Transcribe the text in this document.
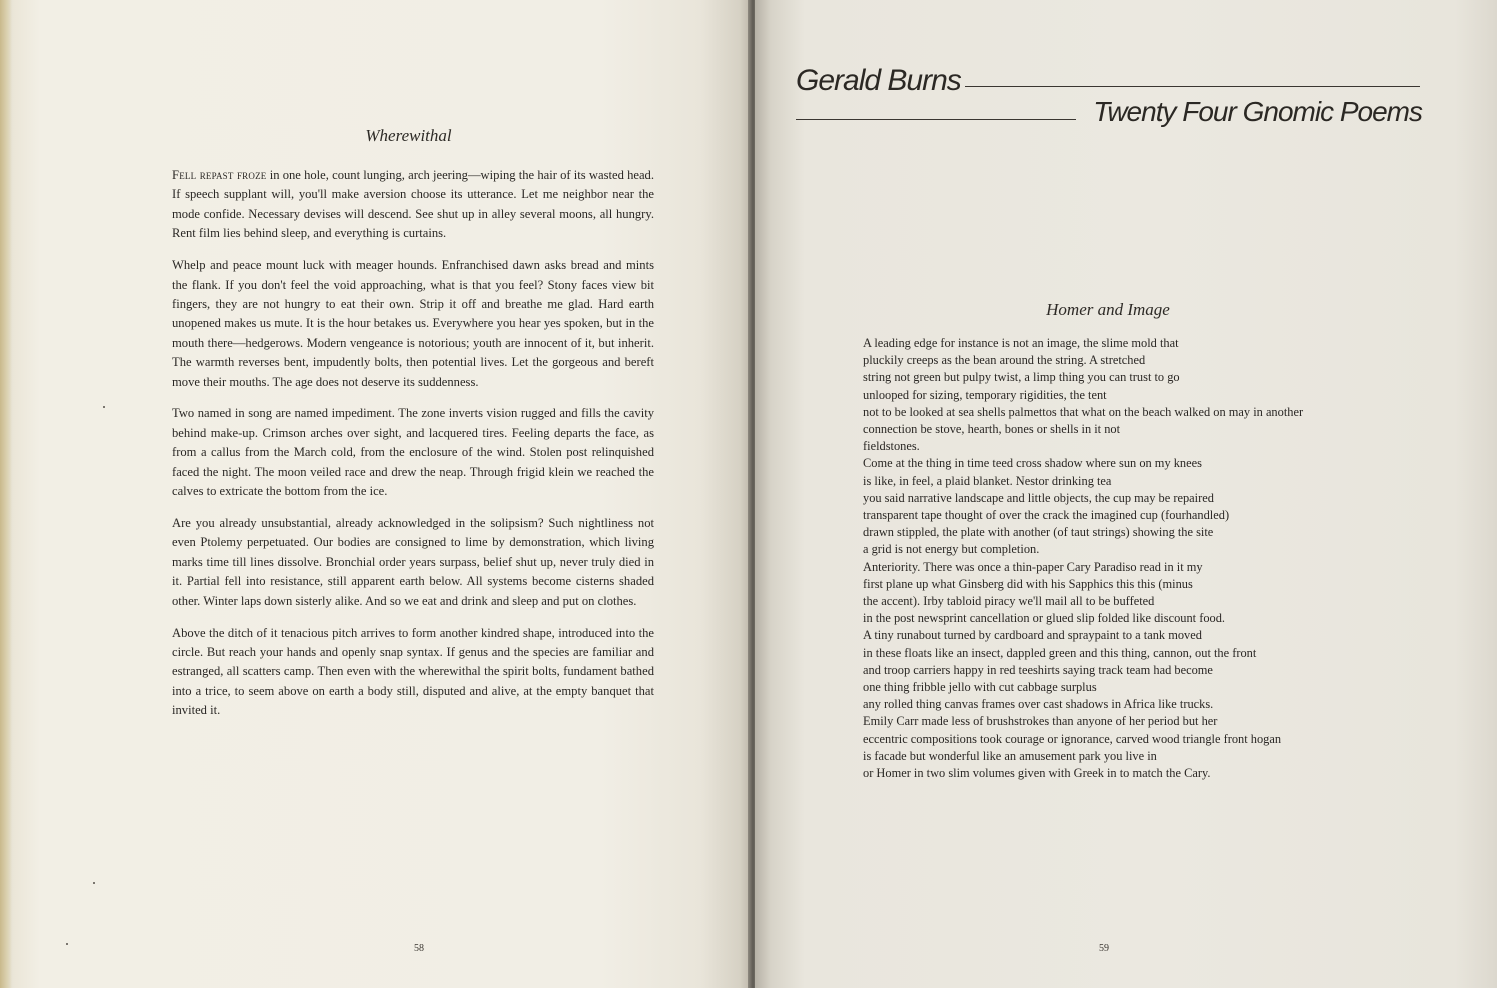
Wherewithal

Fell repast froze in one hole, count lunging, arch jeering—wiping the hair of its wasted head. If speech supplant will, you'll make aversion choose its utterance. Let me neighbor near the mode confide. Necessary devises will descend. See shut up in alley several moons, all hungry. Rent film lies behind sleep, and everything is curtains.

Whelp and peace mount luck with meager hounds. Enfranchised dawn asks bread and mints the flank. If you don't feel the void approaching, what is that you feel? Stony faces view bit fingers, they are not hungry to eat their own. Strip it off and breathe me glad. Hard earth unopened makes us mute. It is the hour betakes us. Everywhere you hear yes spoken, but in the mouth there—hedgerows. Modern vengeance is notorious; youth are innocent of it, but inherit. The warmth reverses bent, impudently bolts, then potential lives. Let the gorgeous and bereft move their mouths. The age does not deserve its suddenness.

Two named in song are named impediment. The zone inverts vision rugged and fills the cavity behind make-up. Crimson arches over sight, and lacquered tires. Feeling departs the face, as from a callus from the March cold, from the enclosure of the wind. Stolen post relinquished faced the night. The moon veiled race and drew the neap. Through frigid klein we reached the calves to extricate the bottom from the ice.

Are you already unsubstantial, already acknowledged in the solipsism? Such nightliness not even Ptolemy perpetuated. Our bodies are consigned to lime by demonstration, which living marks time till lines dissolve. Bronchial order years surpass, belief shut up, never truly died in it. Partial fell into resistance, still apparent earth below. All systems become cisterns shaded other. Winter laps down sisterly alike. And so we eat and drink and sleep and put on clothes.

Above the ditch of it tenacious pitch arrives to form another kindred shape, introduced into the circle. But reach your hands and openly snap syntax. If genus and the species are familiar and estranged, all scatters camp. Then even with the wherewithal the spirit bolts, fundament bathed into a trice, to seem above on earth a body still, disputed and alive, at the empty banquet that invited it.

58
Gerald Burns
Twenty Four Gnomic Poems
Homer and Image
A leading edge for instance is not an image, the slime mold that
pluckily creeps as the bean around the string. A stretched
string not green but pulpy twist, a limp thing you can trust to go
unlooped for sizing, temporary rigidities, the tent
not to be looked at sea shells palmettos that what on the beach walked on may in another
connection be stove, hearth, bones or shells in it not
fieldstones.
Come at the thing in time teed cross shadow where sun on my knees
is like, in feel, a plaid blanket. Nestor drinking tea
you said narrative landscape and little objects, the cup may be repaired
transparent tape thought of over the crack the imagined cup (fourhandled)
drawn stippled, the plate with another (of taut strings) showing the site
a grid is not energy but completion.
Anteriority. There was once a thin-paper Cary Paradiso read in it my
first plane up what Ginsberg did with his Sapphics this this (minus
the accent). Irby tabloid piracy we'll mail all to be buffeted
in the post newsprint cancellation or glued slip folded like discount food.
A tiny runabout turned by cardboard and spraypaint to a tank moved
in these floats like an insect, dappled green and this thing, cannon, out the front
and troop carriers happy in red teeshirts saying track team had become
one thing fribble jello with cut cabbage surplus
any rolled thing canvas frames over cast shadows in Africa like trucks.
Emily Carr made less of brushstrokes than anyone of her period but her
eccentric compositions took courage or ignorance, carved wood triangle front hogan
is facade but wonderful like an amusement park you live in
or Homer in two slim volumes given with Greek in to match the Cary.
59
